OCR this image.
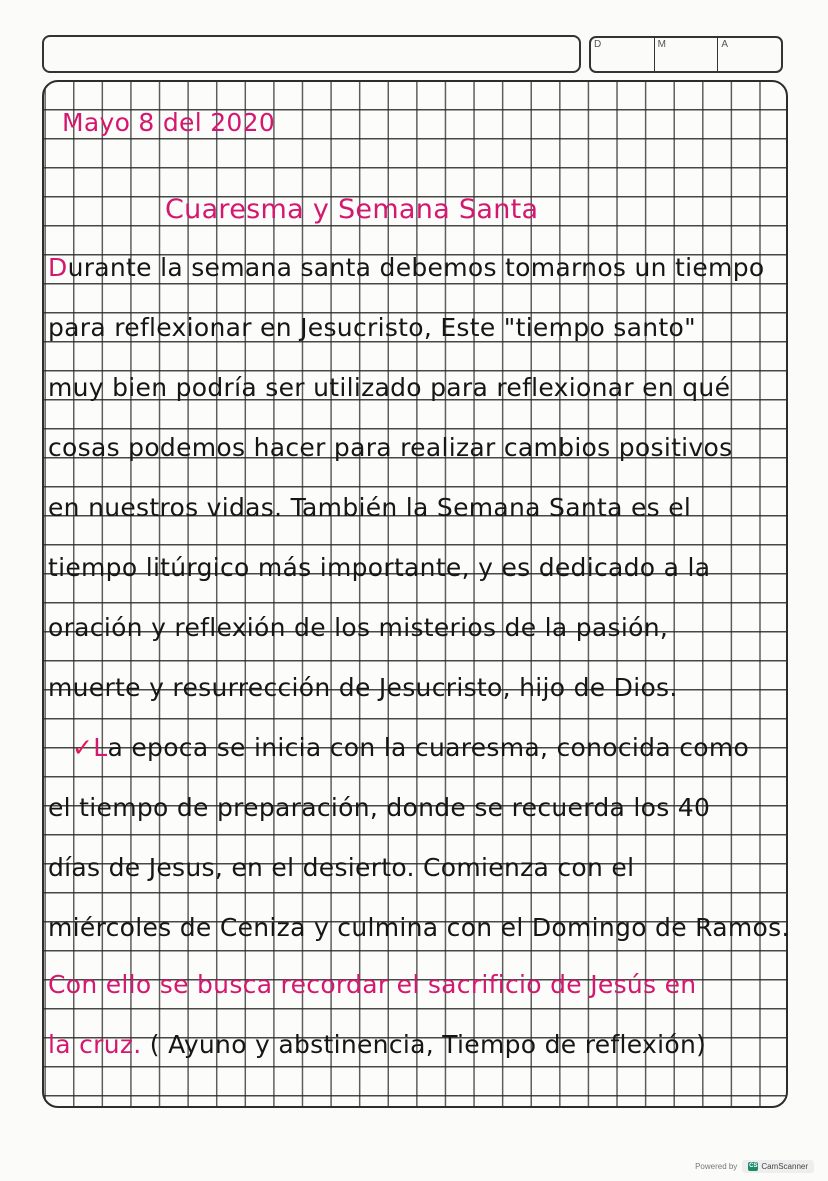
D	M	A
Mayo 8 del 2020
Cuaresma y Semana Santa
Durante la semana santa debemos tomarnos un tiempo
para reflexionar en Jesucristo, Este "tiempo santo"
muy bien podría ser utilizado para reflexionar en qué
cosas podemos hacer para realizar cambios positivos
en nuestros vidas. También la Semana Santa es el
tiempo litúrgico más importante, y es dedicado a la
oración y reflexión de los misterios de la pasión,
muerte y resurrección de Jesucristo, hijo de Dios.
✓La epoca se inicia con la cuaresma, conocida como
el tiempo de preparación, donde se recuerda los 40
días de Jesus, en el desierto. Comienza con el
miércoles de Ceniza y culmina con el Domingo de Ramos.
Con ello se busca recordar el sacrificio de Jesús en
la cruz. ( Ayuno y abstinencia, Tiempo de reflexión)
Powered by CS CamScanner
